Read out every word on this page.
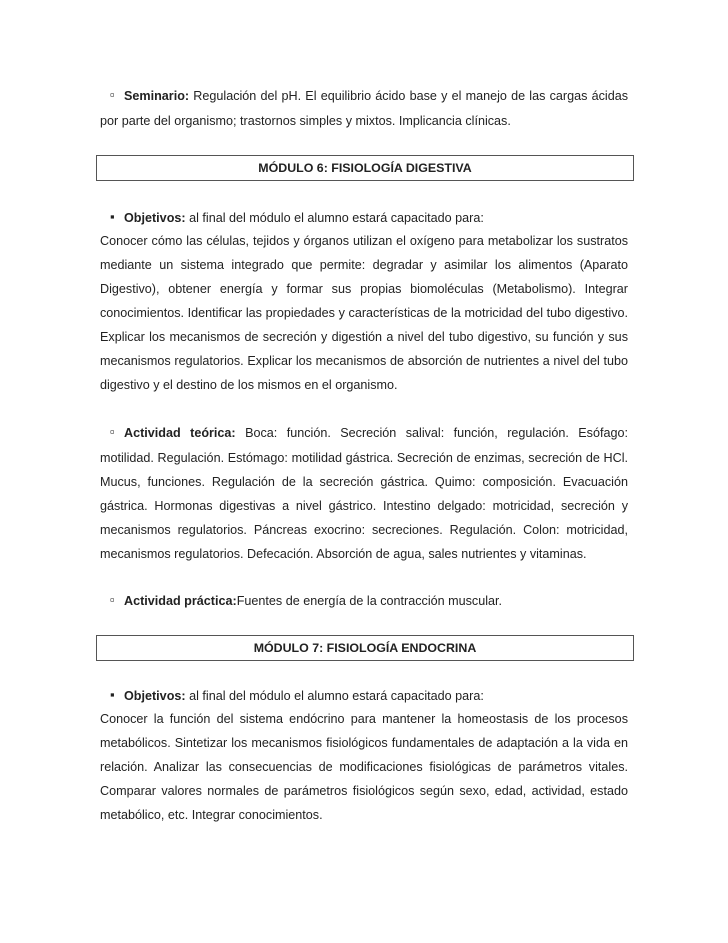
▫Seminario: Regulación del pH. El equilibrio ácido base y el manejo de las cargas ácidas por parte del organismo; trastornos simples y mixtos. Implicancia clínicas.
MÓDULO 6: FISIOLOGÍA DIGESTIVA
▪Objetivos: al final del módulo el alumno estará capacitado para:
Conocer cómo las células, tejidos y órganos utilizan el oxígeno para metabolizar los sustratos mediante un sistema integrado que permite: degradar y asimilar los alimentos (Aparato Digestivo), obtener energía y formar sus propias biomoléculas (Metabolismo). Integrar conocimientos. Identificar las propiedades y características de la motricidad del tubo digestivo. Explicar los mecanismos de secreción y digestión a nivel del tubo digestivo, su función y sus mecanismos regulatorios. Explicar los mecanismos de absorción de nutrientes a nivel del tubo digestivo y el destino de los mismos en el organismo.
▫Actividad teórica: Boca: función. Secreción salival: función, regulación. Esófago: motilidad. Regulación. Estómago: motilidad gástrica. Secreción de enzimas, secreción de HCl. Mucus, funciones. Regulación de la secreción gástrica. Quimo: composición. Evacuación gástrica. Hormonas digestivas a nivel gástrico. Intestino delgado: motricidad, secreción y mecanismos regulatorios. Páncreas exocrino: secreciones. Regulación. Colon: motricidad, mecanismos regulatorios. Defecación. Absorción de agua, sales nutrientes y vitaminas.
▫Actividad práctica:Fuentes de energía de la contracción muscular.
MÓDULO 7: FISIOLOGÍA ENDOCRINA
▪Objetivos: al final del módulo el alumno estará capacitado para:
Conocer la función del sistema endócrino para mantener la homeostasis de los procesos metabólicos. Sintetizar los mecanismos fisiológicos fundamentales de adaptación a la vida en relación. Analizar las consecuencias de modificaciones fisiológicas de parámetros vitales. Comparar valores normales de parámetros fisiológicos según sexo, edad, actividad, estado metabólico, etc. Integrar conocimientos.
